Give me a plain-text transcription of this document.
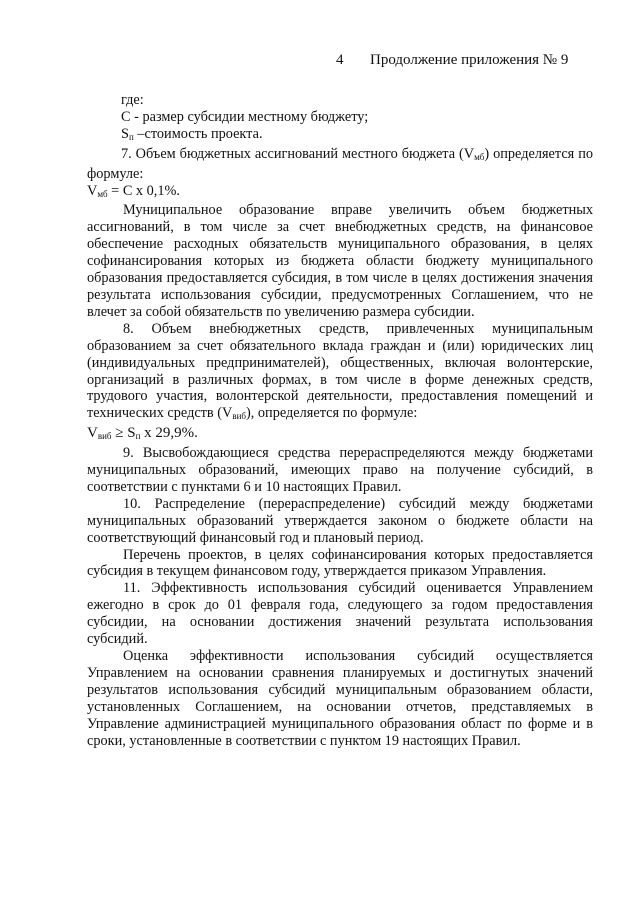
4 Продолжение приложения № 9

где:

С - размер субсидии местному бюджету;

$S_п$ –стоимость проекта.

7. Объем бюджетных ассигнований местного бюджета $(V_{мб})$ определяется по формуле:

$V_{мб} = С$ х 0,1%.

Муниципальное образование вправе увеличить объем бюджетных ассигнований, в том числе за счет внебюджетных средств, на финансовое обеспечение расходных обязательств муниципального образования, в целях софинансирования которых из бюджета области бюджету муниципального образования предоставляется субсидия, в том числе в целях достижения значения результата использования субсидии, предусмотренных Соглашением, что не влечет за собой обязательств по увеличению размера субсидии.

8. Объем внебюджетных средств, привлеченных муниципальным образованием за счет обязательного вклада граждан и (или) юридических лиц (индивидуальных предпринимателей), общественных, включая волонтерские, организаций в различных формах, в том числе в форме денежных средств, трудового участия, волонтерской деятельности, предоставления помещений и технических средств $(V_{виб})$, определяется по формуле:

$V_{виб} \ge S_п$ х 29,9%.

9. Высвобождающиеся средства перераспределяются между бюджетами муниципальных образований, имеющих право на получение субсидий, в соответствии с пунктами 6 и 10 настоящих Правил.

10. Распределение (перераспределение) субсидий между бюджетами муниципальных образований утверждается законом о бюджете области на соответствующий финансовый год и плановый период.

Перечень проектов, в целях софинансирования которых предоставляется субсидия в текущем финансовом году, утверждается приказом Управления.

11. Эффективность использования субсидий оценивается Управлением ежегодно в срок до 01 февраля года, следующего за годом предоставления субсидии, на основании достижения значений результата использования субсидий.

Оценка эффективности использования субсидий осуществляется Управлением на основании сравнения планируемых и достигнутых значений результатов использования субсидий муниципальным образованием области, установленных Соглашением, на основании отчетов, представляемых в Управление администрацией муниципального образования област по форме и в сроки, установленные в соответствии с пунктом 19 настоящих Правил.
